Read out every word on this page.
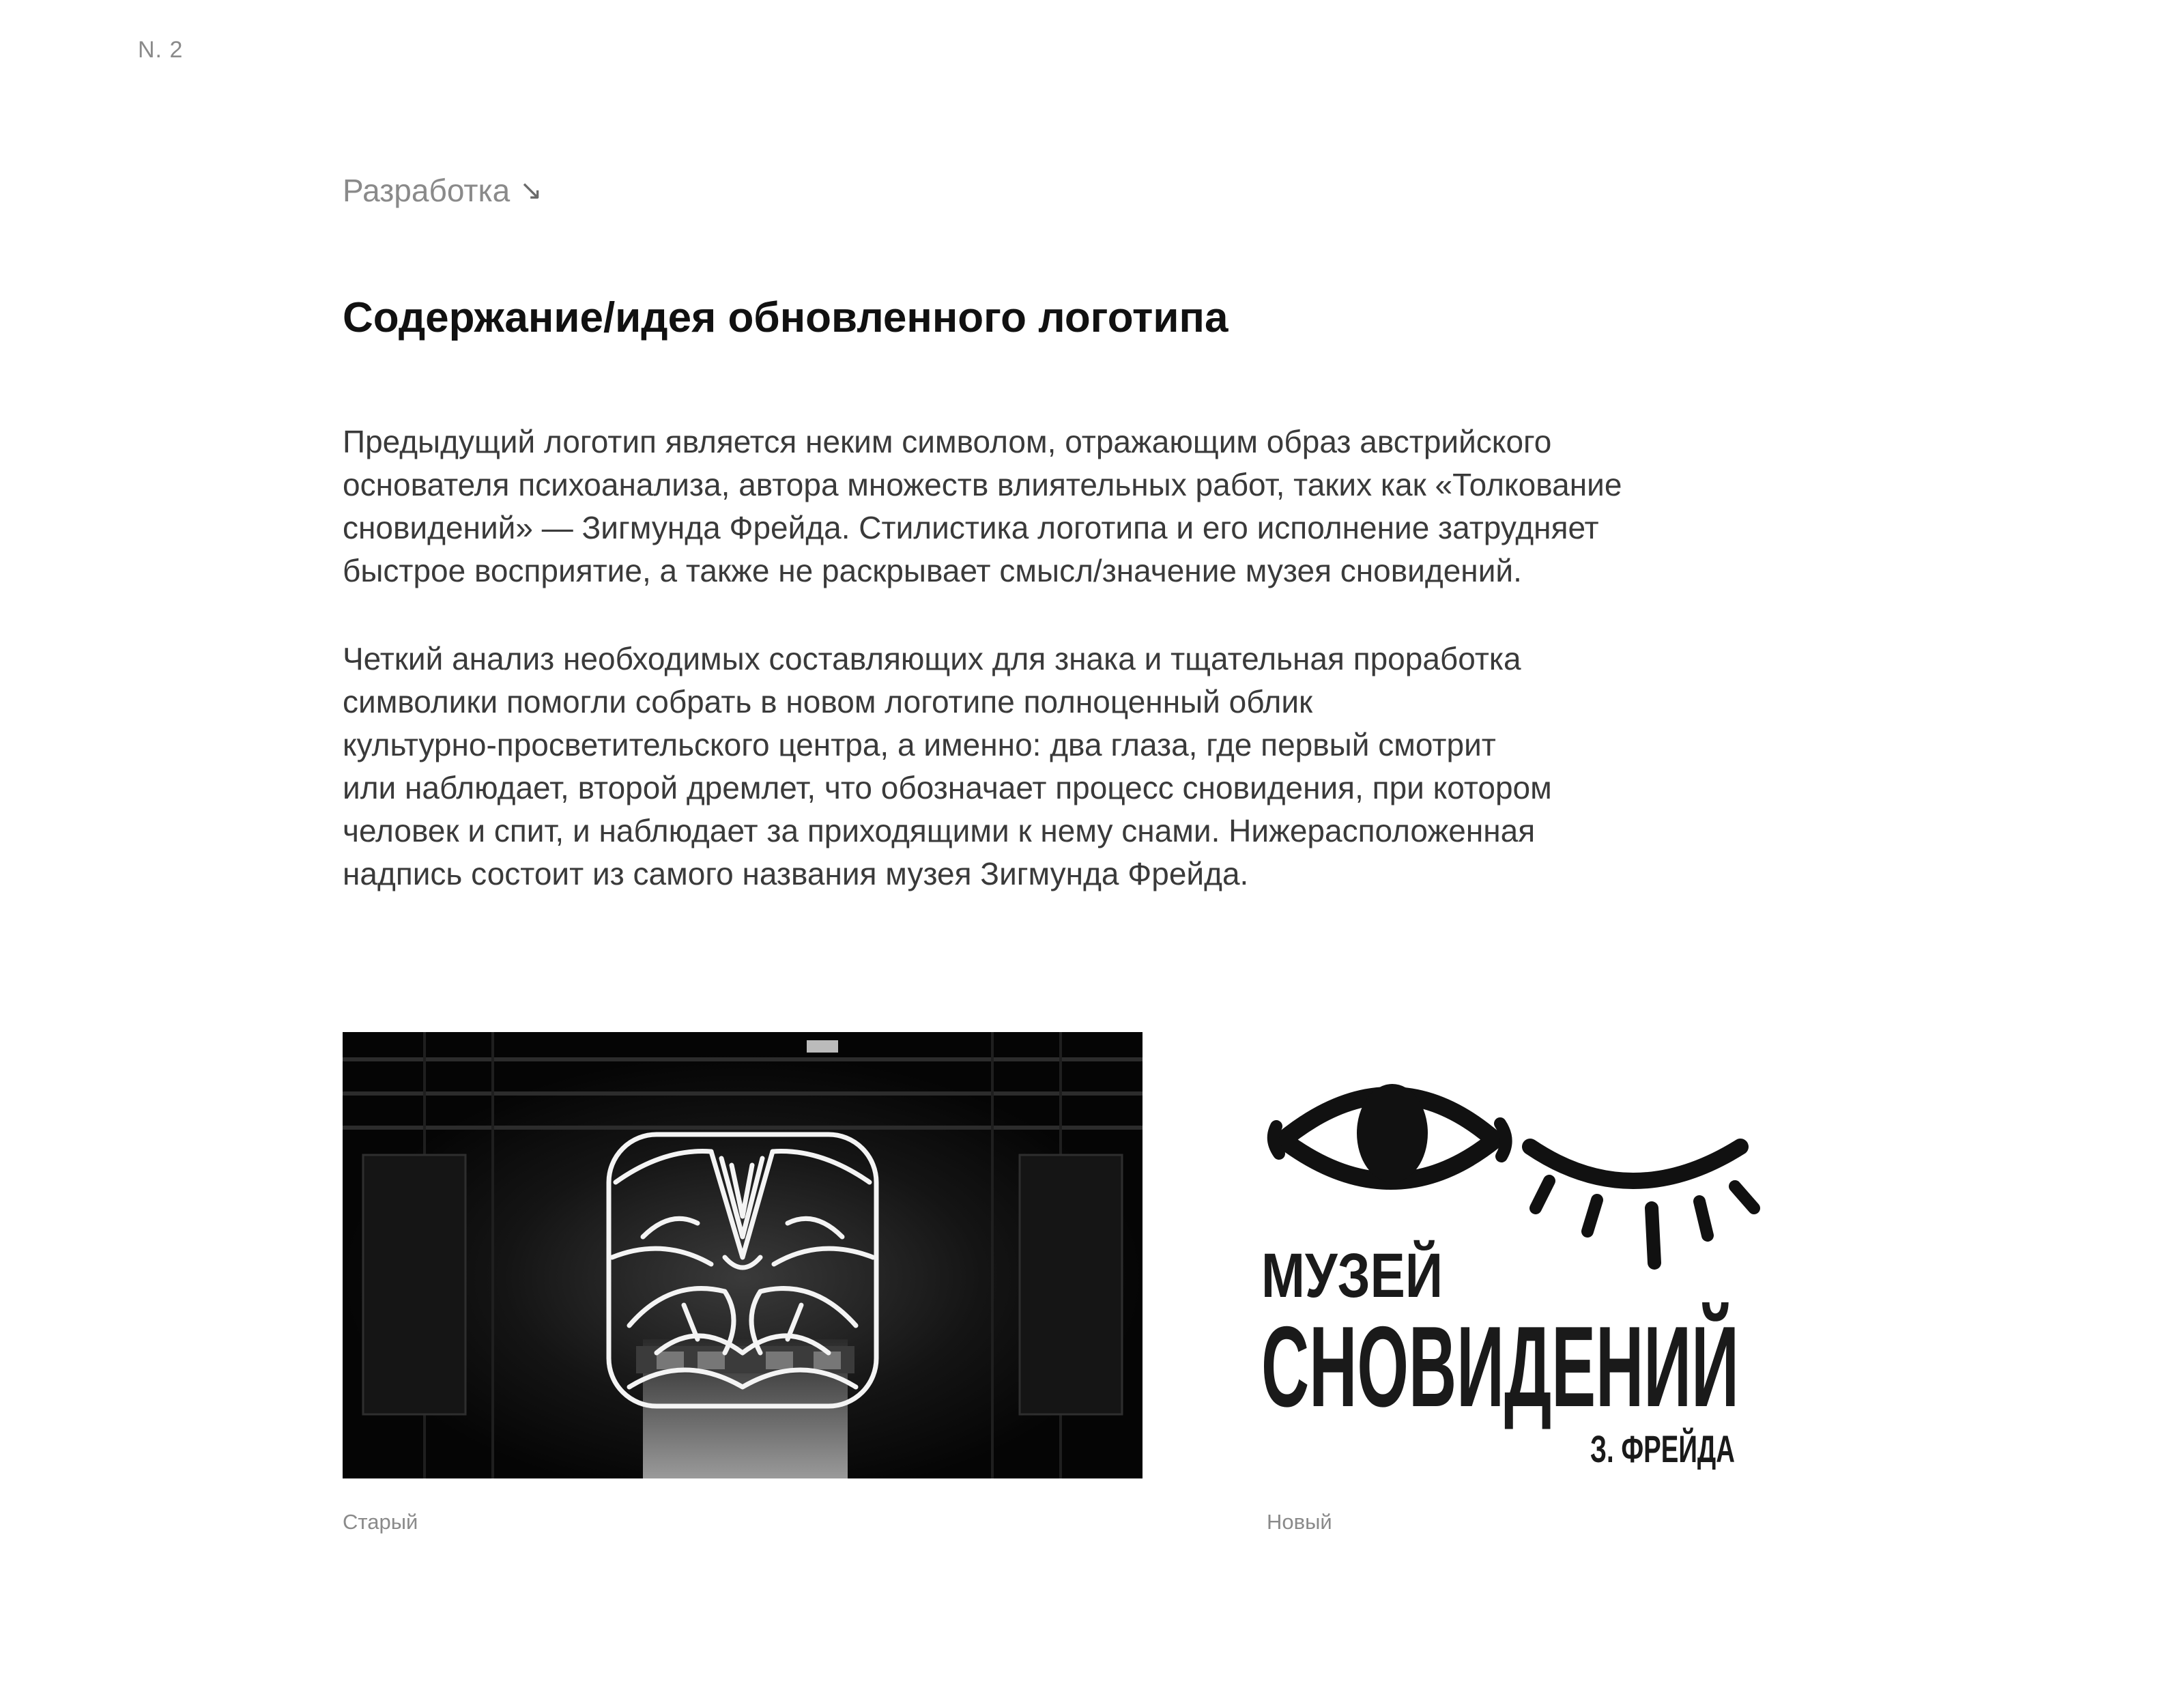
N. 2
Разработка ↘
Содержание/идея обновленного логотипа

Предыдущий логотип является неким символом, отражающим образ австрийского
основателя психоанализа, автора множеств влиятельных работ, таких как «Толкование
сновидений» — Зигмунда Фрейда. Стилистика логотипа и его исполнение затрудняет
быстрое восприятие, а также не раскрывает смысл/значение музея сновидений.

Четкий анализ необходимых составляющих для знака и тщательная проработка
символики помогли собрать в новом логотипе полноценный облик
культурно-просветительского центра, а именно: два глаза, где первый смотрит
или наблюдает, второй дремлет, что обозначает процесс сновидения, при котором
человек и спит, и наблюдает за приходящими к нему снами. Нижерасположенная
надпись состоит из самого названия музея Зигмунда Фрейда.

МУЗЕЙ
СНОВИДЕНИЙ
З. ФРЕЙДА
Старый	Новый
